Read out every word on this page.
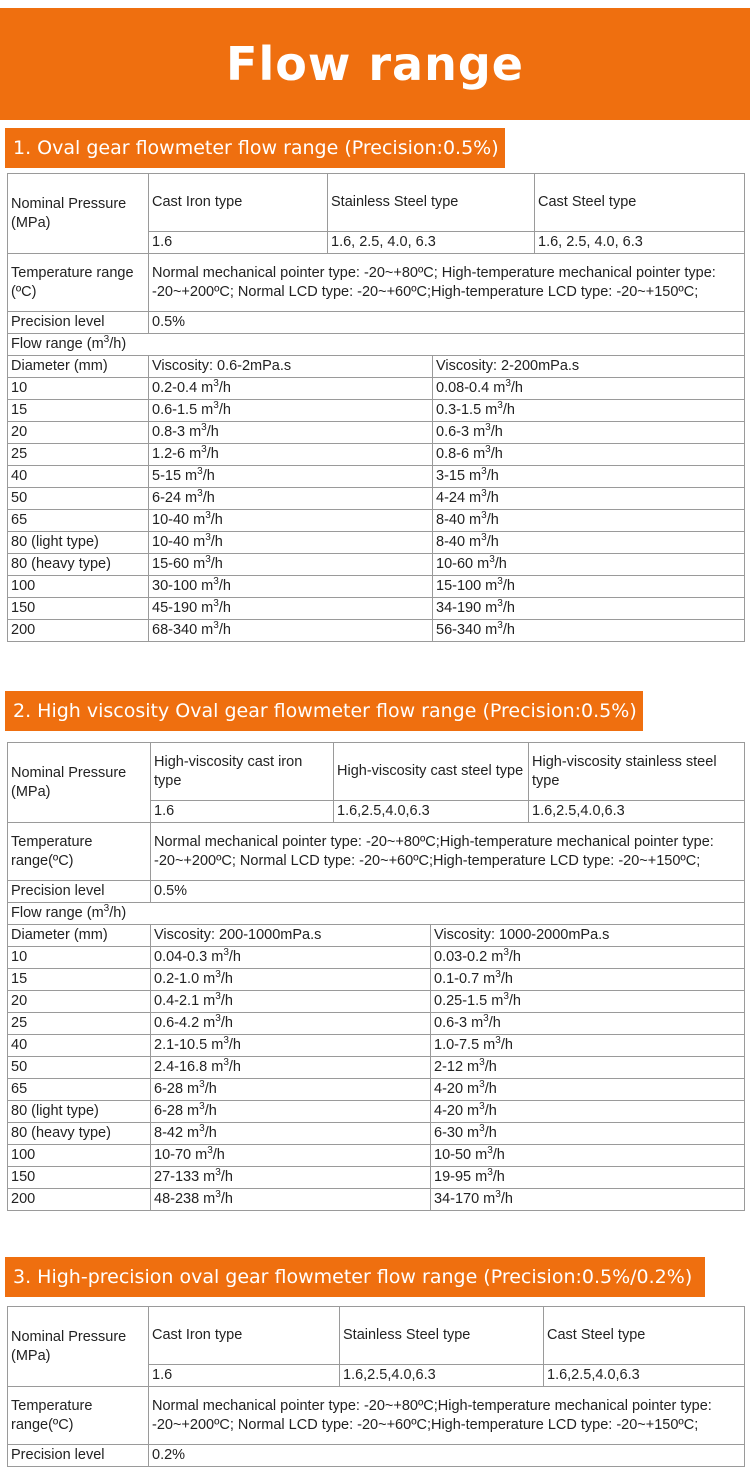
Flow range
1. Oval gear flowmeter flow range (Precision:0.5%)
Nominal Pressure (MPa)	Cast Iron type	Stainless Steel type		Cast Steel type
	1.6	1.6, 2.5, 4.0, 6.3		1.6, 2.5, 4.0, 6.3
Temperature range (ºC)	Normal mechanical pointer type: -20~+80ºC; High-temperature mechanical pointer type: -20~+200ºC; Normal LCD type: -20~+60ºC;High-temperature LCD type: -20~+150ºC;			
Precision level	0.5%			
Flow range $(m^3/h)$				
Diameter (mm)	Viscosity: 0.6-2mPa.s		Viscosity: 2-200mPa.s	
10	0.2-0.4 $m^3/h$		0.08-0.4 $m^3/h$	
15	0.6-1.5 $m^3/h$		0.3-1.5 $m^3/h$	
20	0.8-3 $m^3/h$		0.6-3 $m^3/h$	
25	1.2-6 $m^3/h$		0.8-6 $m^3/h$	
40	5-15 $m^3/h$		3-15 $m^3/h$	
50	6-24 $m^3/h$		4-24 $m^3/h$	
65	10-40 $m^3/h$		8-40 $m^3/h$	
80 (light type)	10-40 $m^3/h$		8-40 $m^3/h$	
80 (heavy type)	15-60 $m^3/h$		10-60 $m^3/h$	
100	30-100 $m^3/h$		15-100 $m^3/h$	
150	45-190 $m^3/h$		34-190 $m^3/h$	
200	68-340 $m^3/h$		56-340 $m^3/h$	
2. High viscosity Oval gear flowmeter flow range (Precision:0.5%)
Nominal Pressure (MPa)	High-viscosity cast iron type	High-viscosity cast steel type		High-viscosity stainless steel type
	1.6	1.6,2.5,4.0,6.3		1.6,2.5,4.0,6.3
Temperature range(ºC)	Normal mechanical pointer type: -20~+80ºC;High-temperature mechanical pointer type: -20~+200ºC; Normal LCD type: -20~+60ºC;High-temperature LCD type: -20~+150ºC;			
Precision level	0.5%			
Flow range $(m^3/h)$				
Diameter (mm)	Viscosity: 200-1000mPa.s		Viscosity: 1000-2000mPa.s	
10	0.04-0.3 $m^3/h$		0.03-0.2 $m^3/h$	
15	0.2-1.0 $m^3/h$		0.1-0.7 $m^3/h$	
20	0.4-2.1 $m^3/h$		0.25-1.5 $m^3/h$	
25	0.6-4.2 $m^3/h$		0.6-3 $m^3/h$	
40	2.1-10.5 $m^3/h$		1.0-7.5 $m^3/h$	
50	2.4-16.8 $m^3/h$		2-12 $m^3/h$	
65	6-28 $m^3/h$		4-20 $m^3/h$	
80 (light type)	6-28 $m^3/h$		4-20 $m^3/h$	
80 (heavy type)	8-42 $m^3/h$		6-30 $m^3/h$	
100	10-70 $m^3/h$		10-50 $m^3/h$	
150	27-133 $m^3/h$		19-95 $m^3/h$	
200	48-238 $m^3/h$		34-170 $m^3/h$	
3. High-precision oval gear flowmeter flow range (Precision:0.5%/0.2%)
Nominal Pressure (MPa)	Cast Iron type	Stainless Steel type	Cast Steel type
	1.6	1.6,2.5,4.0,6.3	1.6,2.5,4.0,6.3
Temperature range(ºC)	Normal mechanical pointer type: -20~+80ºC;High-temperature mechanical pointer type: -20~+200ºC; Normal LCD type: -20~+60ºC;High-temperature LCD type: -20~+150ºC;		
Precision level	0.2%		
